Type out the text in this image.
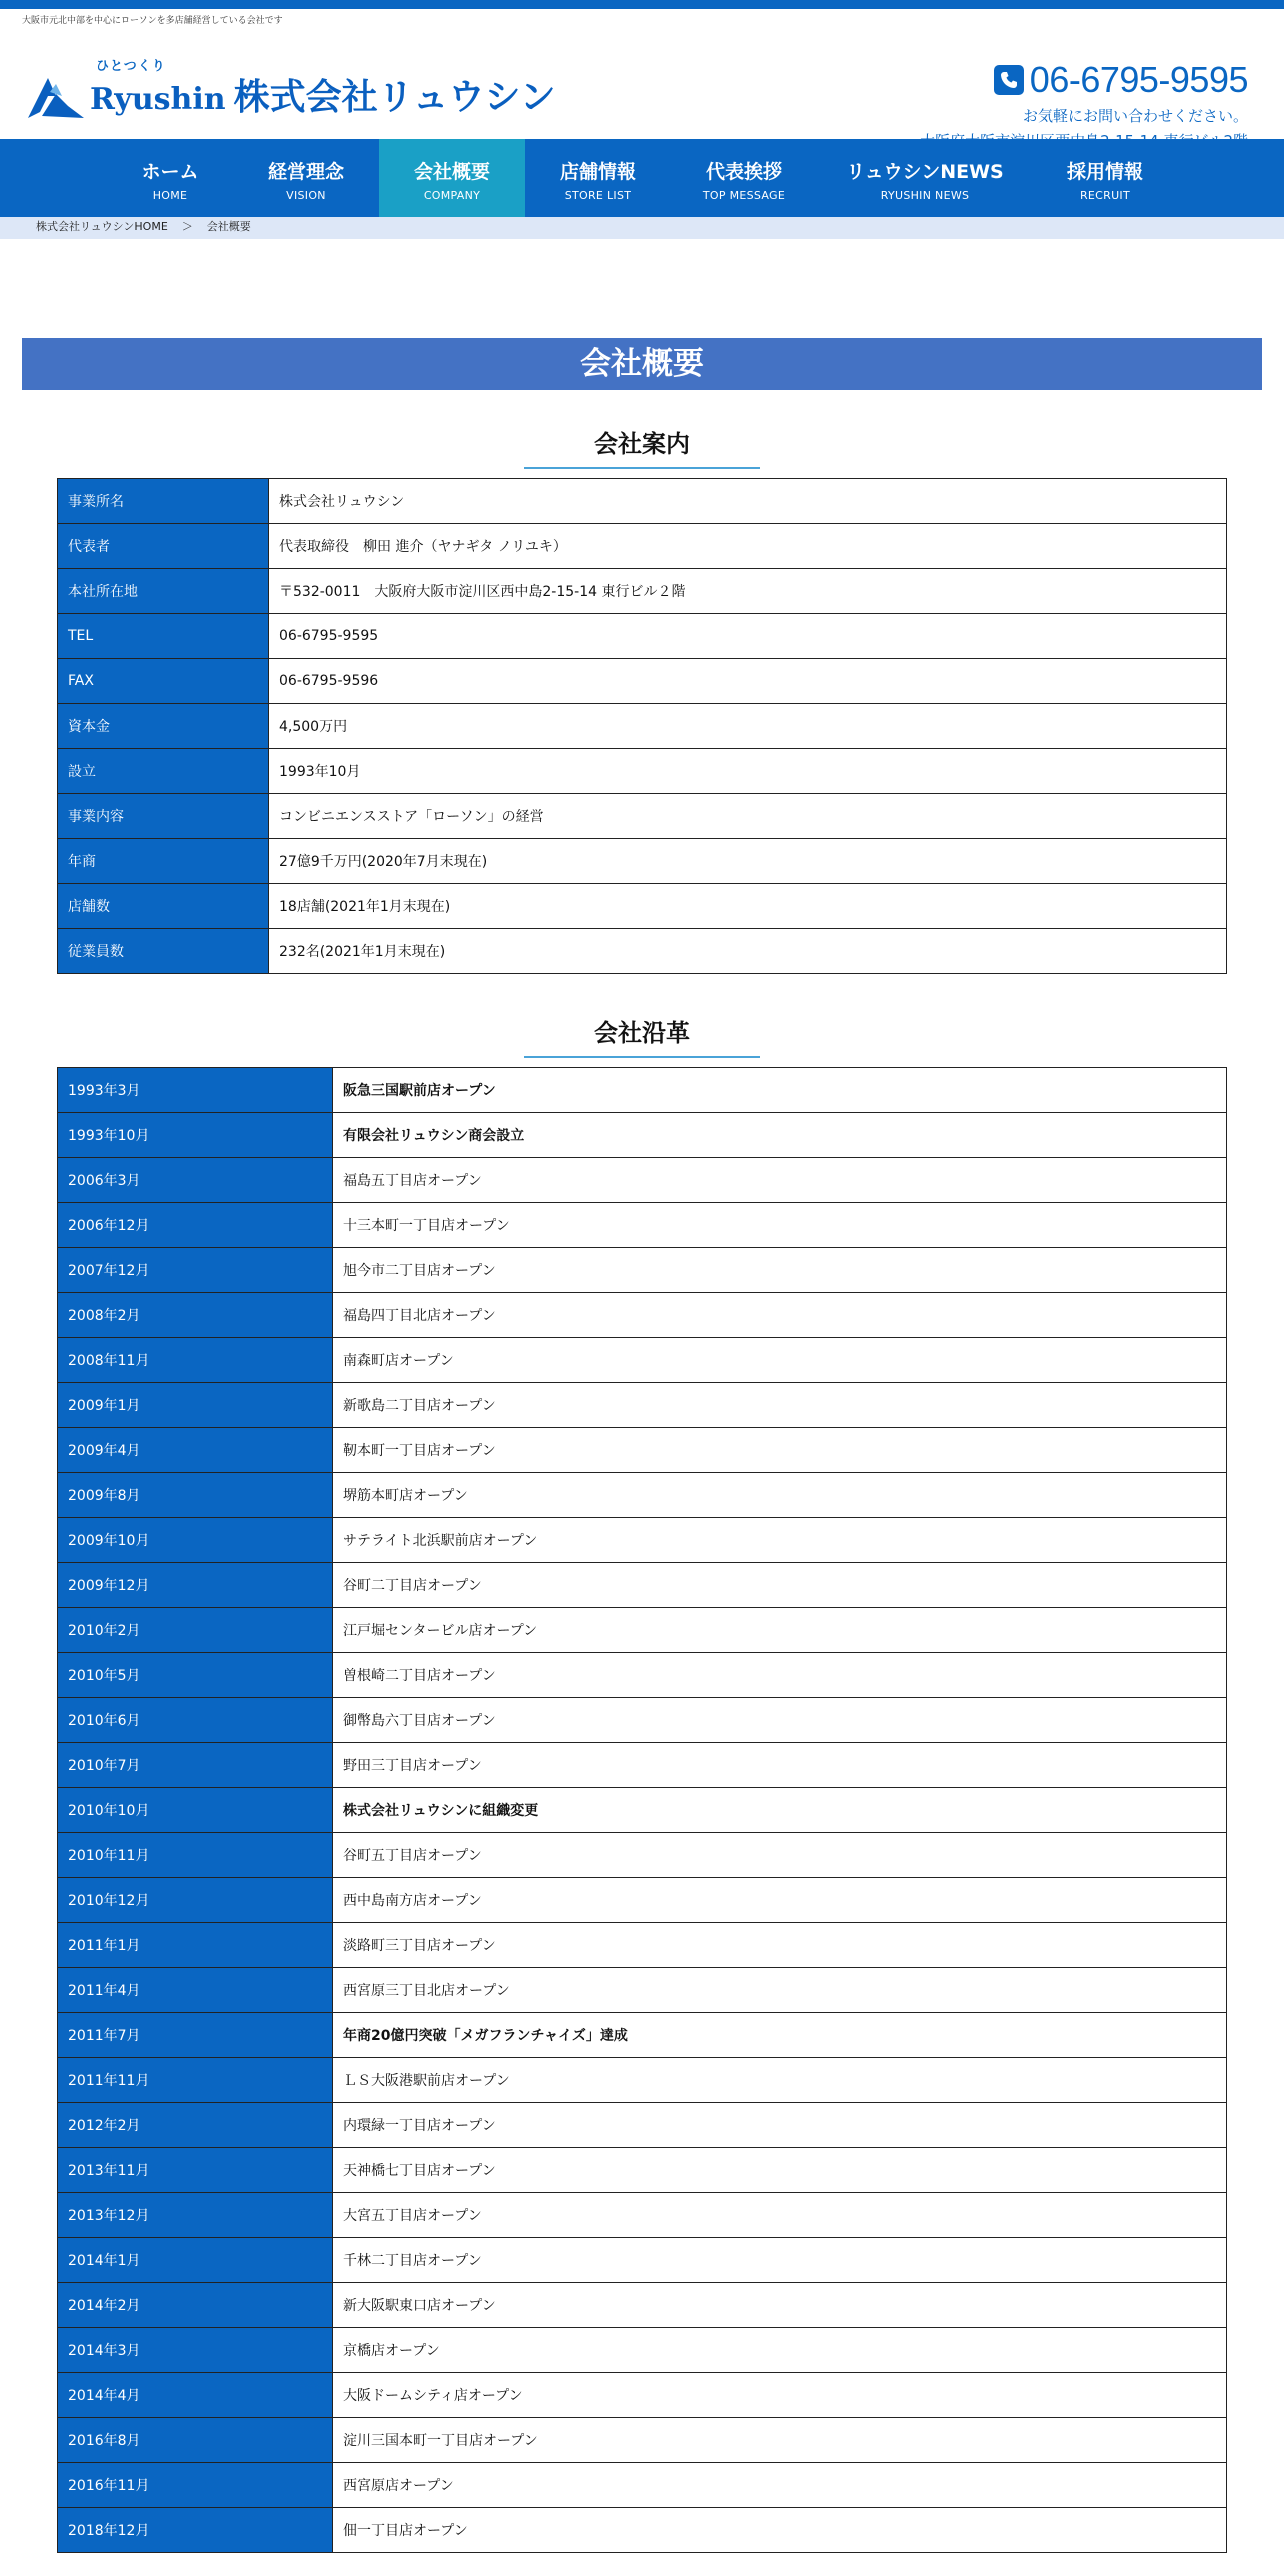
大阪市元北中部を中心にローソンを多店舗経営している会社です
ひとつくり
Ryushin 株式会社リュウシン	06-6795-9595
お気軽にお問い合わせください。
ホーム
HOME
経営理念
VISION
会社概要
COMPANY
店舗情報
STORE LIST
代表挨拶
TOP MESSAGE
リュウシンNEWS
RYUSHIN NEWS
採用情報
RECRUIT
株式会社リュウシンHOME ＞ 会社概要
会社概要
会社案内
事業所名	株式会社リュウシン
代表者	代表取締役　柳田 進介（ヤナギタ ノリユキ）
本社所在地	〒532-0011　大阪府大阪市淀川区西中島2-15-14 東行ビル２階
TEL	06-6795-9595
FAX	06-6795-9596
資本金	4,500万円
設立	1993年10月
事業内容	コンビニエンスストア「ローソン」の経営
年商	27億9千万円(2020年7月末現在)
店舗数	18店舗(2021年1月末現在)
従業員数	232名(2021年1月末現在)
会社沿革
1993年3月	阪急三国駅前店オープン
1993年10月	有限会社リュウシン商会設立
2006年3月	福島五丁目店オープン
2006年12月	十三本町一丁目店オープン
2007年12月	旭今市二丁目店オープン
2008年2月	福島四丁目北店オープン
2008年11月	南森町店オープン
2009年1月	新歌島二丁目店オープン
2009年4月	靭本町一丁目店オープン
2009年8月	堺筋本町店オープン
2009年10月	サテライト北浜駅前店オープン
2009年12月	谷町二丁目店オープン
2010年2月	江戸堀センタービル店オープン
2010年5月	曽根崎二丁目店オープン
2010年6月	御幣島六丁目店オープン
2010年7月	野田三丁目店オープン
2010年10月	株式会社リュウシンに組織変更
2010年11月	谷町五丁目店オープン
2010年12月	西中島南方店オープン
2011年1月	淡路町三丁目店オープン
2011年4月	西宮原三丁目北店オープン
2011年7月	年商20億円突破「メガフランチャイズ」達成
2011年11月	ＬＳ大阪港駅前店オープン
2012年2月	内環緑一丁目店オープン
2013年11月	天神橋七丁目店オープン
2013年12月	大宮五丁目店オープン
2014年1月	千林二丁目店オープン
2014年2月	新大阪駅東口店オープン
2014年3月	京橋店オープン
2014年4月	大阪ドームシティ店オープン
2016年8月	淀川三国本町一丁目店オープン
2016年11月	西宮原店オープン
2018年12月	佃一丁目店オープン
